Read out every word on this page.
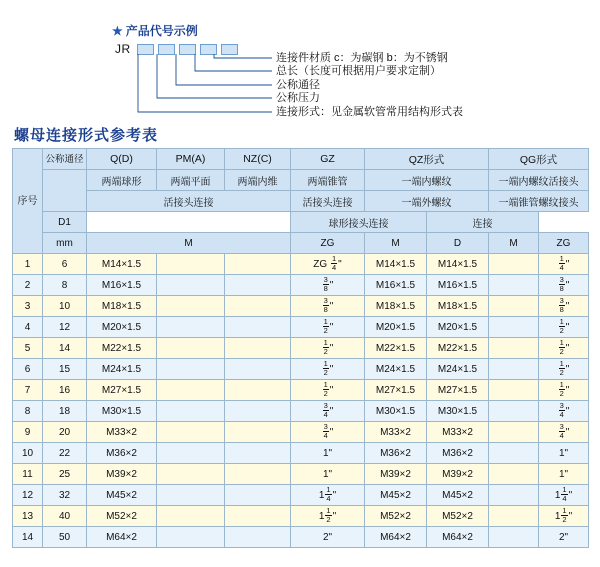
★ 产品代号示例
JR
连接件材质 c：为碳钢 b：为不锈钢
总长（长度可根据用户要求定制）
公称通径
公称压力
连接形式：见金属软管常用结构形式表
螺母连接形式参考表
序号	公称通径	Q(D)	PM(A)	NZ(C)	GZ	QZ形式		QG形式	
		两端球形	两端平面	两端内维	两端锥管	一端内螺纹		一端内螺纹活接头	
		活接头连接			活接头连接	一端外螺纹		一端锥管螺纹接头	
	D1				球形接头连接		连接		
	mm	M			ZG	M	D	M	ZG
1	6	M14×1.5			ZG $\frac{1}{4}$ "	M14×1.5	M14×1.5		$\frac{1}{4}$ "
2	8	M16×1.5			$\frac{3}{8}$ "	M16×1.5	M16×1.5		$\frac{3}{8}$ "
3	10	M18×1.5			$\frac{3}{8}$ "	M18×1.5	M18×1.5		$\frac{3}{8}$ "
4	12	M20×1.5			$\frac{1}{2}$ "	M20×1.5	M20×1.5		$\frac{1}{2}$ "
5	14	M22×1.5			$\frac{1}{2}$ "	M22×1.5	M22×1.5		$\frac{1}{2}$ "
6	15	M24×1.5			$\frac{1}{2}$ "	M24×1.5	M24×1.5		$\frac{1}{2}$ "
7	16	M27×1.5			$\frac{1}{2}$ "	M27×1.5	M27×1.5		$\frac{1}{2}$ "
8	18	M30×1.5			$\frac{3}{4}$ "	M30×1.5	M30×1.5		$\frac{3}{4}$ "
9	20	M33×2			$\frac{3}{4}$ "	M33×2	M33×2		$\frac{3}{4}$ "
10	22	M36×2			1"	M36×2	M36×2		1"
11	25	M39×2			1"	M39×2	M39×2		1"
12	32	M45×2			$1 \frac{1}{4}$ "	M45×2	M45×2		$1 \frac{1}{4}$ "
13	40	M52×2			$1 \frac{1}{2}$ "	M52×2	M52×2		$1 \frac{1}{2}$ "
14	50	M64×2			2"	M64×2	M64×2		2"
